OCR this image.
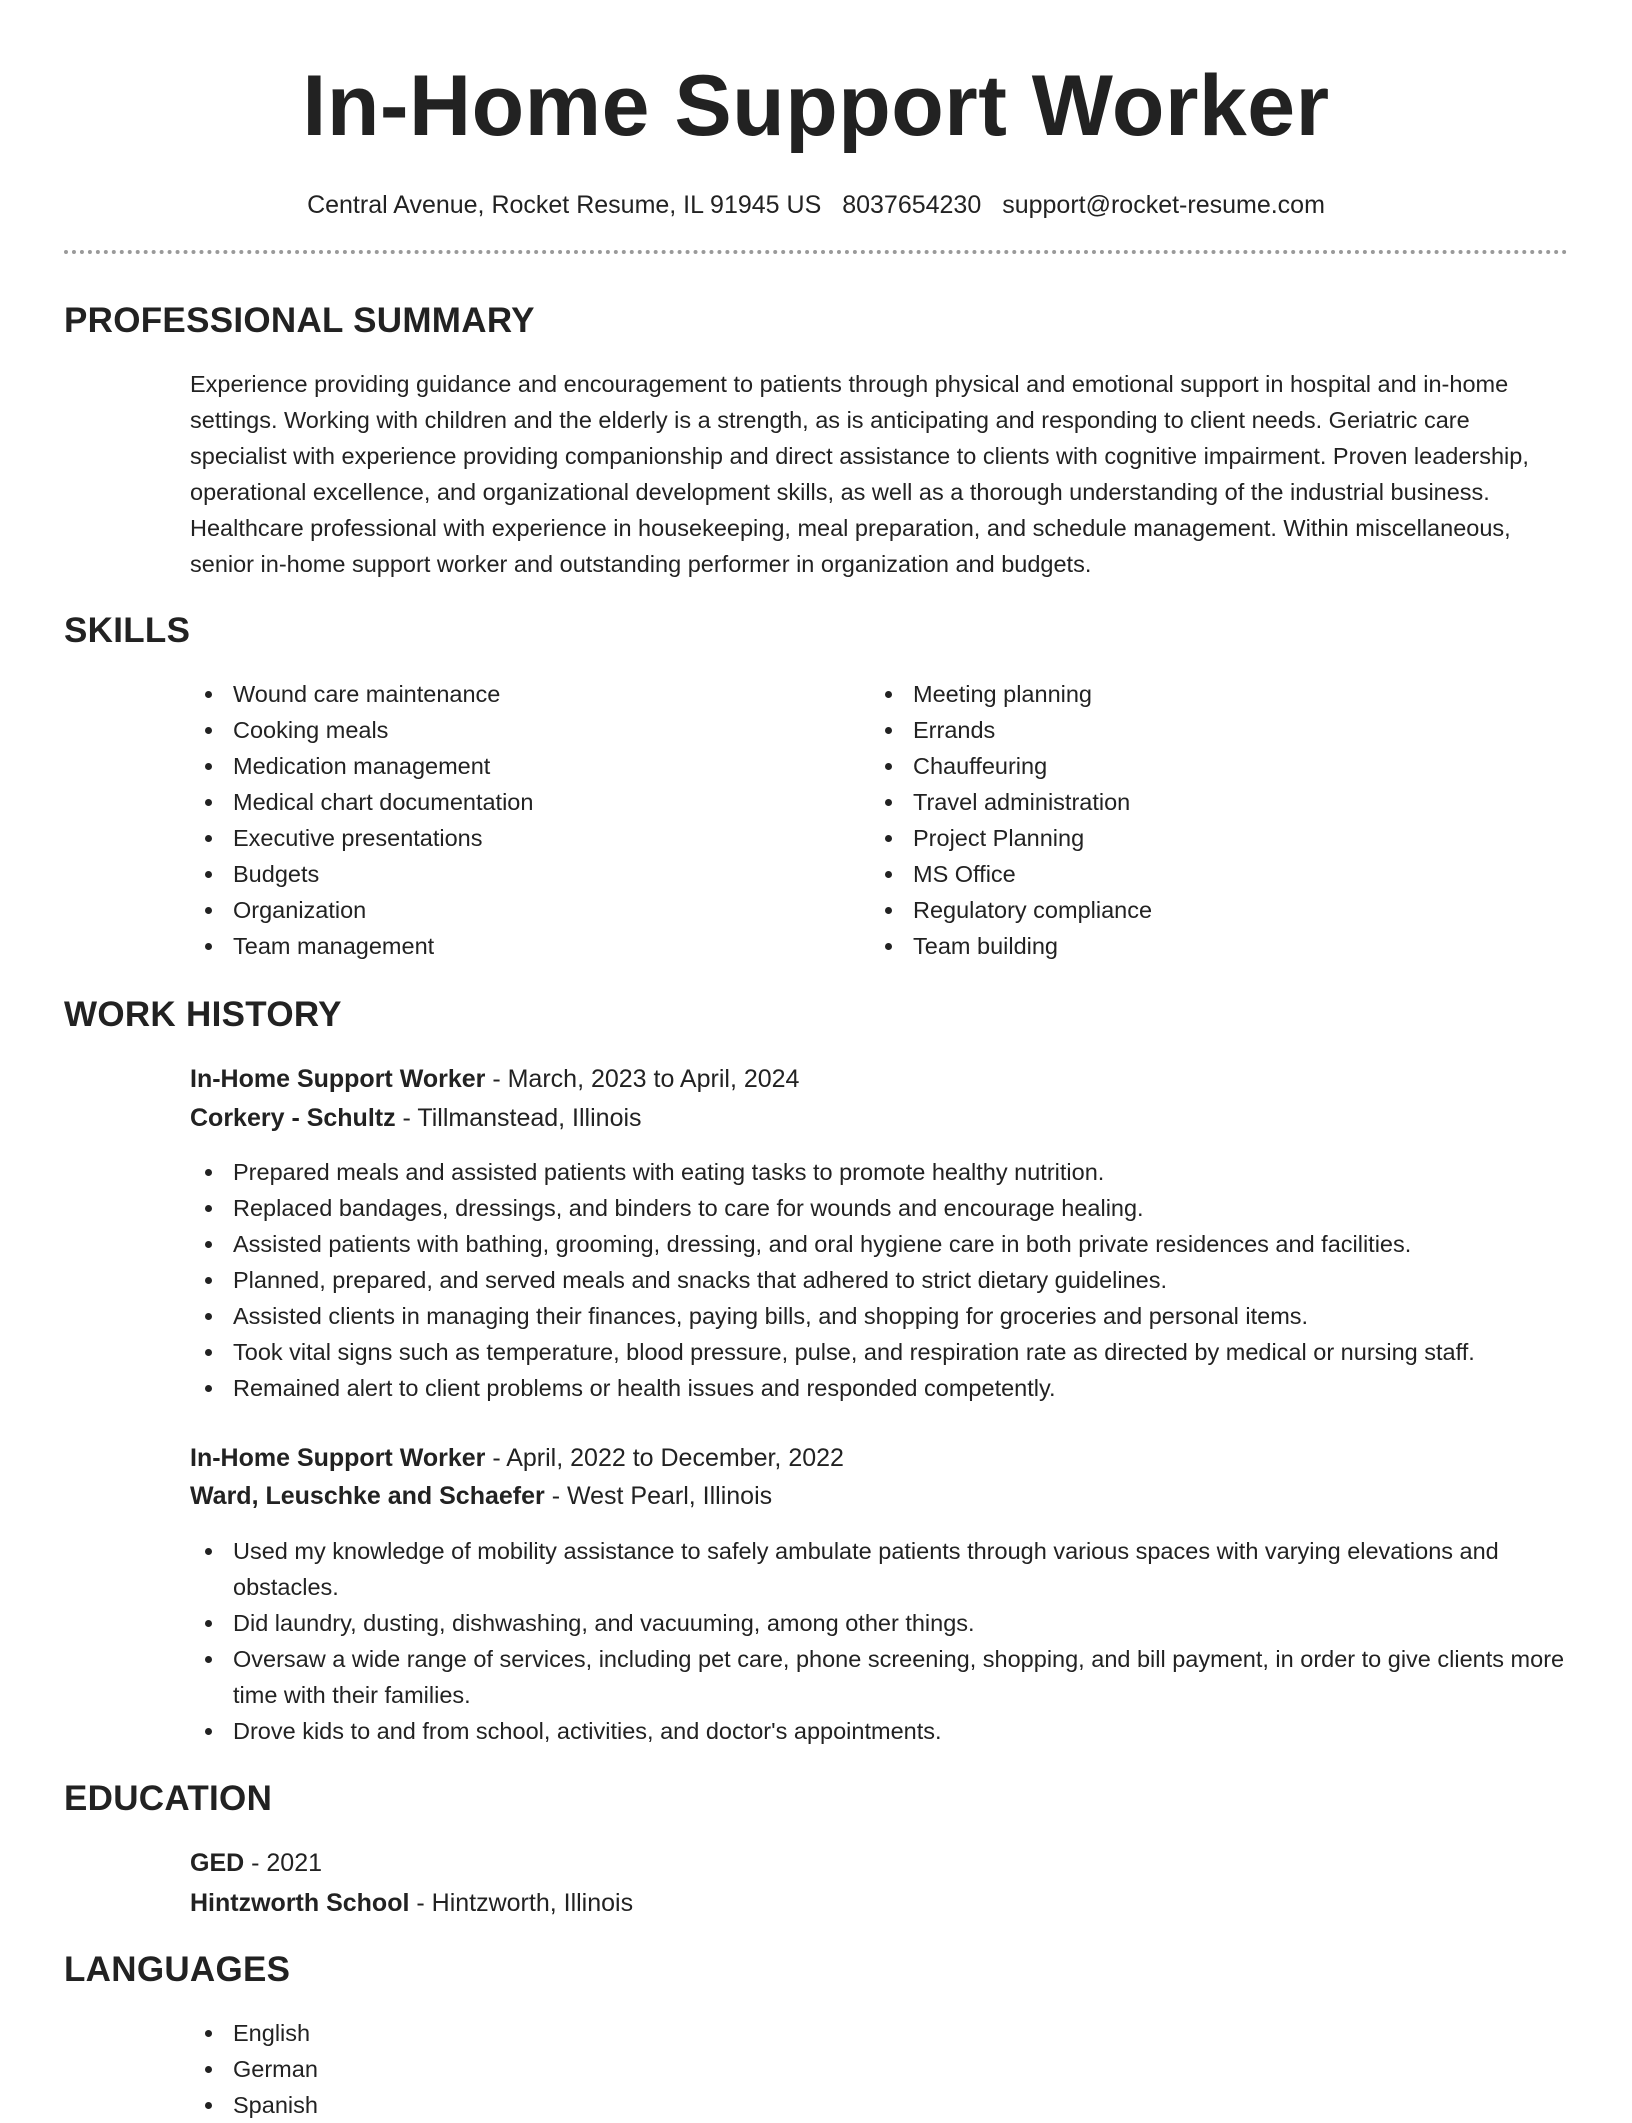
In-Home Support Worker
Central Avenue, Rocket Resume, IL 91945 US 8037654230 support@rocket-resume.com
PROFESSIONAL SUMMARY
Experience providing guidance and encouragement to patients through physical and emotional support in hospital and in-home settings. Working with children and the elderly is a strength, as is anticipating and responding to client needs. Geriatric care specialist with experience providing companionship and direct assistance to clients with cognitive impairment. Proven leadership, operational excellence, and organizational development skills, as well as a thorough understanding of the industrial business. Healthcare professional with experience in housekeeping, meal preparation, and schedule management. Within miscellaneous, senior in-home support worker and outstanding performer in organization and budgets.
SKILLS
Wound care maintenance
Cooking meals
Medication management
Medical chart documentation
Executive presentations
Budgets
Organization
Team management
Meeting planning
Errands
Chauffeuring
Travel administration
Project Planning
MS Office
Regulatory compliance
Team building
WORK HISTORY
In-Home Support Worker - March, 2023 to April, 2024
Corkery - Schultz - Tillmanstead, Illinois
Prepared meals and assisted patients with eating tasks to promote healthy nutrition.
Replaced bandages, dressings, and binders to care for wounds and encourage healing.
Assisted patients with bathing, grooming, dressing, and oral hygiene care in both private residences and facilities.
Planned, prepared, and served meals and snacks that adhered to strict dietary guidelines.
Assisted clients in managing their finances, paying bills, and shopping for groceries and personal items.
Took vital signs such as temperature, blood pressure, pulse, and respiration rate as directed by medical or nursing staff.
Remained alert to client problems or health issues and responded competently.
In-Home Support Worker - April, 2022 to December, 2022
Ward, Leuschke and Schaefer - West Pearl, Illinois
Used my knowledge of mobility assistance to safely ambulate patients through various spaces with varying elevations and obstacles.
Did laundry, dusting, dishwashing, and vacuuming, among other things.
Oversaw a wide range of services, including pet care, phone screening, shopping, and bill payment, in order to give clients more time with their families.
Drove kids to and from school, activities, and doctor's appointments.
EDUCATION
GED - 2021
Hintzworth School - Hintzworth, Illinois
LANGUAGES
English
German
Spanish
